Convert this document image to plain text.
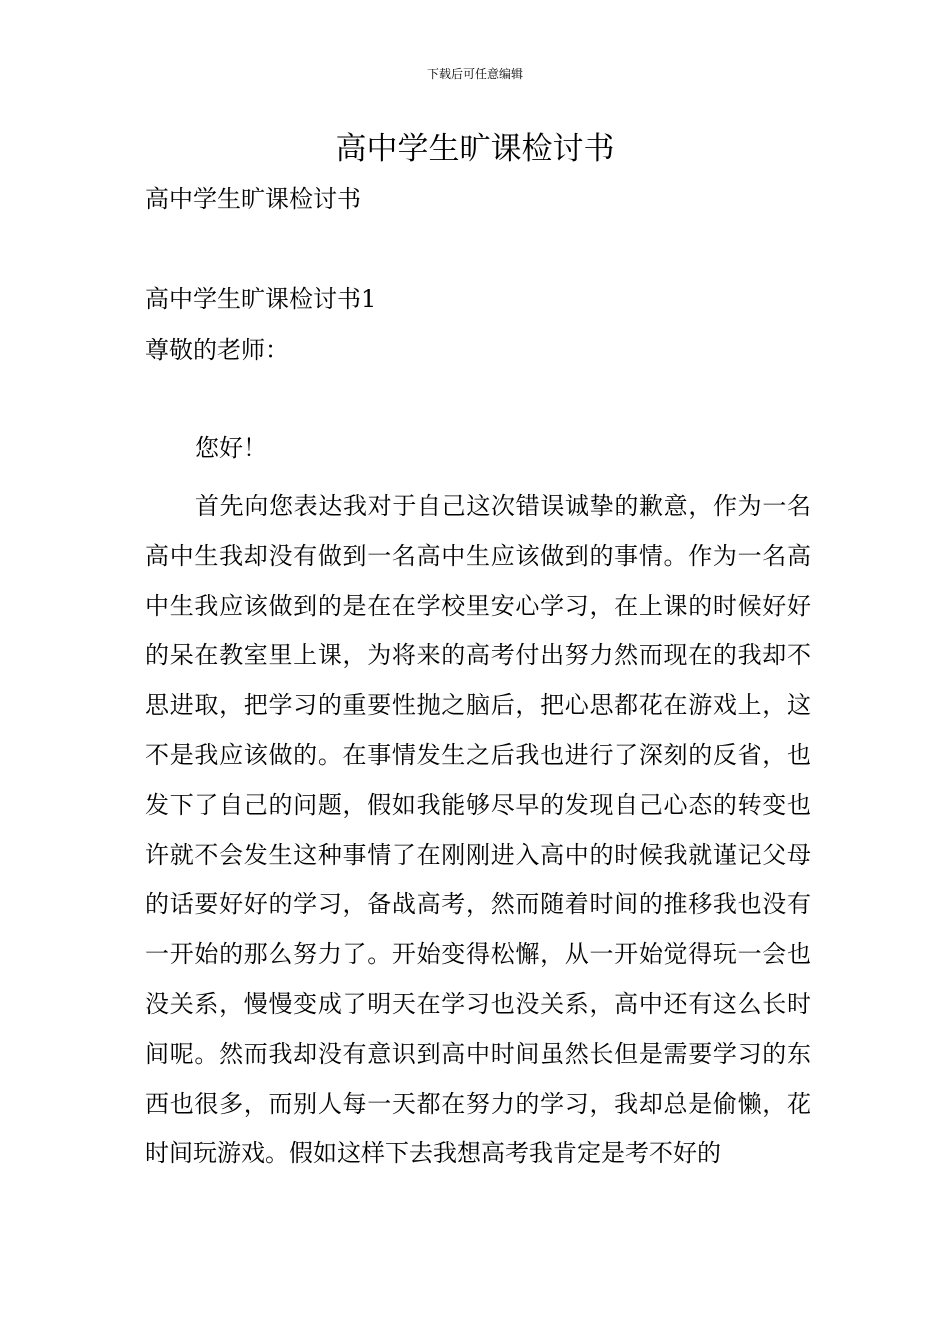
下载后可任意编辑
高中学生旷课检讨书
高中学生旷课检讨书
高中学生旷课检讨书1
尊敬的老师：
您好！

首先向您表达我对于自己这次错误诚挚的歉意，作为一名高中生我却没有做到一名高中生应该做到的事情。作为一名高中生我应该做到的是在在学校里安心学习，在上课的时候好好的呆在教室里上课，为将来的高考付出努力然而现在的我却不思进取，把学习的重要性抛之脑后，把心思都花在游戏上，这不是我应该做的。在事情发生之后我也进行了深刻的反省，也发下了自己的问题，假如我能够尽早的发现自己心态的转变也许就不会发生这种事情了在刚刚进入高中的时候我就谨记父母的话要好好的学习，备战高考，然而随着时间的推移我也没有一开始的那么努力了。开始变得松懈，从一开始觉得玩一会也没关系，慢慢变成了明天在学习也没关系，高中还有这么长时间呢。然而我却没有意识到高中时间虽然长但是需要学习的东西也很多，而别人每一天都在努力的学习，我却总是偷懒，花时间玩游戏。假如这样下去我想高考我肯定是考不好的
